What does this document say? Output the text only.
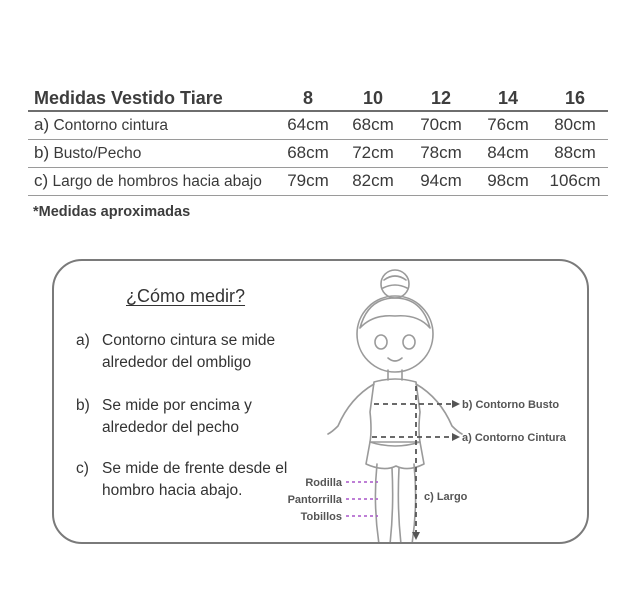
Medidas Vestido Tiare	8	10	12	14	16
a) Contorno cintura	64cm	68cm	70cm	76cm	80cm
b) Busto/Pecho	68cm	72cm	78cm	84cm	88cm
c) Largo de hombros hacia abajo	79cm	82cm	94cm	98cm	106cm
*Medidas aproximadas
¿Cómo medir?
a) Contorno cintura se mide alrededor del ombligo
b) Se mide por encima y alrededor del pecho
c) Se mide de frente desde el hombro hacia abajo.
b) Contorno Busto
a) Contorno Cintura
c) Largo
Rodilla
Pantorrilla
Tobillos
